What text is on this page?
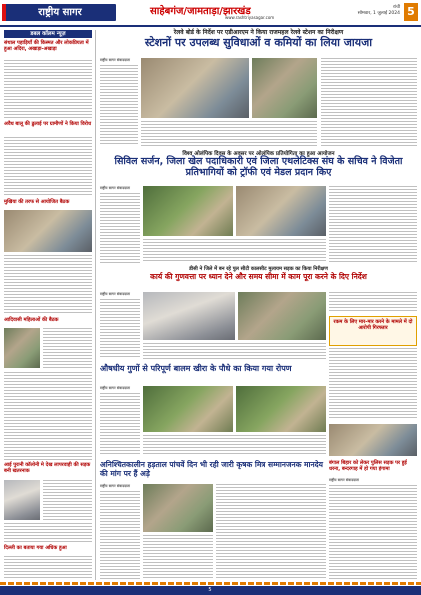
राष्ट्रीय सागर	साहेबगंज/जामताड़ा/झारखंड	रांची
सोमवार, 1 जुलाई 2024
www.rashtriyasagar.com	5
डबल कॉलम न्यूज़
संथाल पहाड़ियाँ की किस्मत और लोकप्रियता में हुआ अदिरा, अखाड़ा-अखाड़ा
अवैध बालू की ढुलाई पर ग्रामीणों ने किया विरोध
मुखिया की तरफ से आयोजित बैठक
आदिवासी महिलाओं की बैठक
आई पुरानी कॉलोनी मे देख लापरवाही की सड़क बनी खतरनाक
दिल्ली का बताया गया अधिक हुआ
रेलवे बोर्ड के निर्देश पर एडीआरएम ने किया राजमहल रेलवे स्टेशन का निरीक्षण
स्टेशनों पर उपलब्ध सुविधाओं व कमियों का लिया जायजा
राष्ट्रीय सागर संवाददाता
विश्व ओलंपिक दिवस के अवसर पर ओलंपिक प्रतियोगिता का हुआ आयोजन
सिविल सर्जन, जिला खेल पदाधिकारी एवं जिला एथलेटिक्स संघ के सचिव ने विजेता प्रतिभागियों को ट्रॉफी एवं मेडल प्रदान किए
राष्ट्रीय सागर संवाददाता
डीसी ने जिले में बन रहे पुल सीटी कालसीट मुलायम सड़क का किया निरीक्षण
कार्य की गुणवत्ता पर ध्यान देने और समय सीमा में काम पूरा करने के दिए निर्देश
राष्ट्रीय सागर संवाददाता
रकम के लिए मार-मार करने के मामले में दो आरोपी गिरफ्तार
औषधीय गुणों से परिपूर्ण बालम खीरा के पौधे का किया गया रोपण
राष्ट्रीय सागर संवाददाता
अनिश्चितकालीन हड़ताल पांचवें दिन भी रही जारी कृषक मित्र सम्मानजनक मानदेय की मांग पर हैं अड़े
राष्ट्रीय सागर संवाददाता
बंगाल बिहार को लेकर पुलिस सड़क पर हुई धरना, बन्दरगाह में हो गया हंगामा
राष्ट्रीय सागर संवाददाता
5
